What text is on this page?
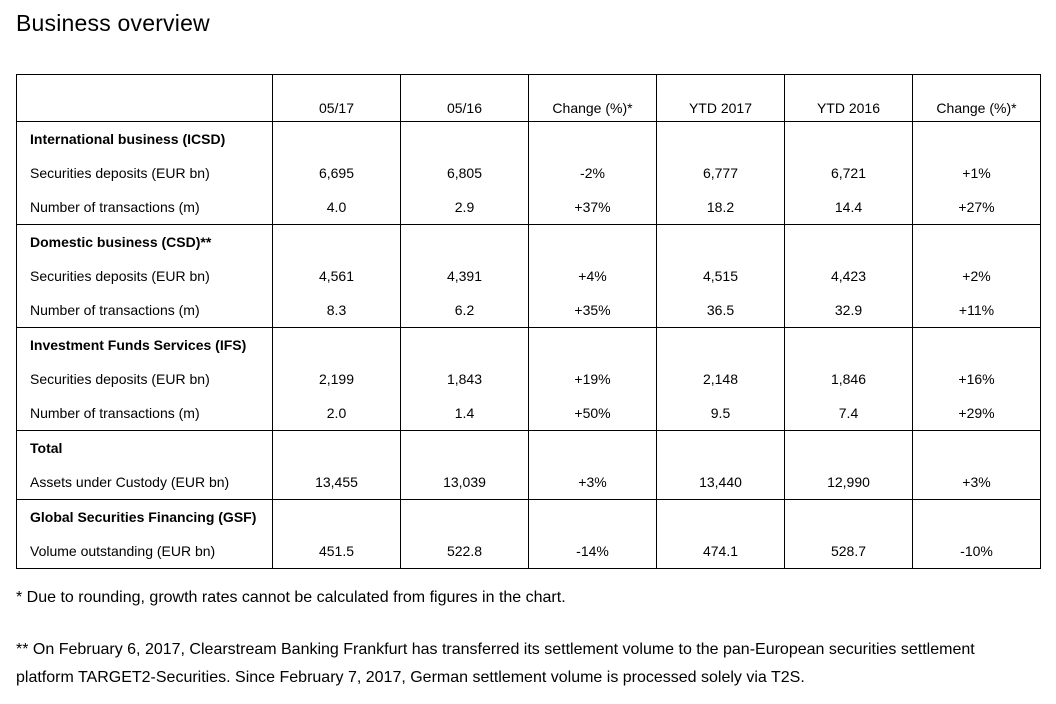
Business overview
	05/17	05/16	Change (%)*	YTD 2017	YTD 2016	Change (%)*
International business (ICSD)						
Securities deposits (EUR bn)	6,695	6,805	-2%	6,777	6,721	+1%
Number of transactions (m)	4.0	2.9	+37%	18.2	14.4	+27%
Domestic business (CSD)**						
Securities deposits (EUR bn)	4,561	4,391	+4%	4,515	4,423	+2%
Number of transactions (m)	8.3	6.2	+35%	36.5	32.9	+11%
Investment Funds Services (IFS)						
Securities deposits (EUR bn)	2,199	1,843	+19%	2,148	1,846	+16%
Number of transactions (m)	2.0	1.4	+50%	9.5	7.4	+29%
Total						
Assets under Custody (EUR bn)	13,455	13,039	+3%	13,440	12,990	+3%
Global Securities Financing (GSF)						
Volume outstanding (EUR bn)	451.5	522.8	-14%	474.1	528.7	-10%

* Due to rounding, growth rates cannot be calculated from figures in the chart.

** On February 6, 2017, Clearstream Banking Frankfurt has transferred its settlement volume to the pan-European securities settlement platform TARGET2-Securities. Since February 7, 2017, German settlement volume is processed solely via T2S.
